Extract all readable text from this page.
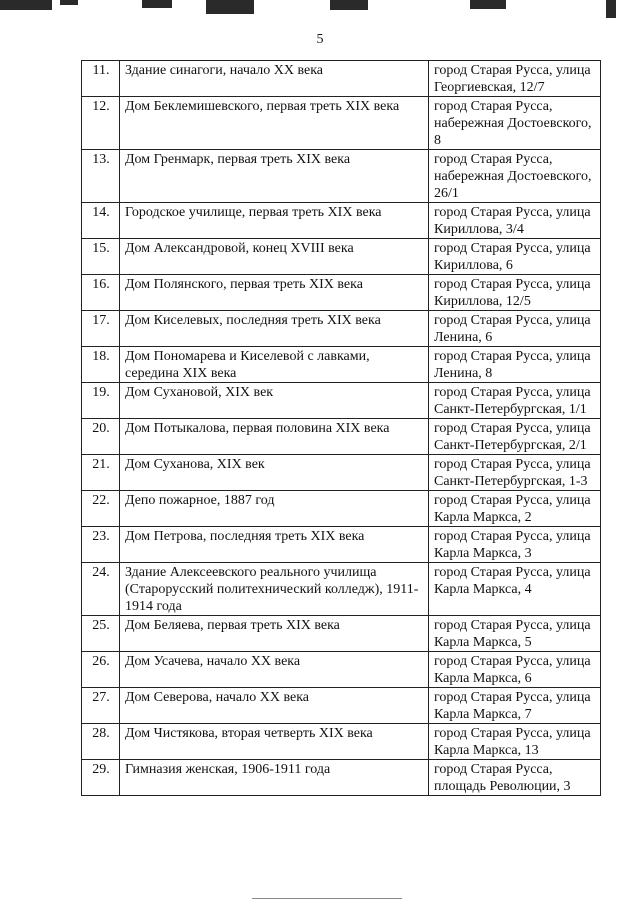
5
11.	Здание синагоги, начало XX века	город Старая Русса, улица Георгиевская, 12/7
12.	Дом Беклемишевского, первая треть XIX века	город Старая Русса, набережная Достоевского, 8
13.	Дом Гренмарк, первая треть XIX века	город Старая Русса, набережная Достоевского, 26/1
14.	Городское училище, первая треть XIX века	город Старая Русса, улица Кириллова, 3/4
15.	Дом Александровой, конец XVIII века	город Старая Русса, улица Кириллова, 6
16.	Дом Полянского, первая треть XIX века	город Старая Русса, улица Кириллова, 12/5
17.	Дом Киселевых, последняя треть XIX века	город Старая Русса, улица Ленина, 6
18.	Дом Пономарева и Киселевой с лавками, середина XIX века	город Старая Русса, улица Ленина, 8
19.	Дом Сухановой, XIX век	город Старая Русса, улица Санкт-Петербургская, 1/1
20.	Дом Потыкалова, первая половина XIX века	город Старая Русса, улица Санкт-Петербургская, 2/1
21.	Дом Суханова, XIX век	город Старая Русса, улица Санкт-Петербургская, 1-3
22.	Депо пожарное, 1887 год	город Старая Русса, улица Карла Маркса, 2
23.	Дом Петрова, последняя треть XIX века	город Старая Русса, улица Карла Маркса, 3
24.	Здание Алексеевского реального училища (Старорусский политехнический колледж), 1911-1914 года	город Старая Русса, улица Карла Маркса, 4
25.	Дом Беляева, первая треть XIX века	город Старая Русса, улица Карла Маркса, 5
26.	Дом Усачева, начало XX века	город Старая Русса, улица Карла Маркса, 6
27.	Дом Северова, начало XX века	город Старая Русса, улица Карла Маркса, 7
28.	Дом Чистякова, вторая четверть XIX века	город Старая Русса, улица Карла Маркса, 13
29.	Гимназия женская, 1906-1911 года	город Старая Русса, площадь Революции, 3
